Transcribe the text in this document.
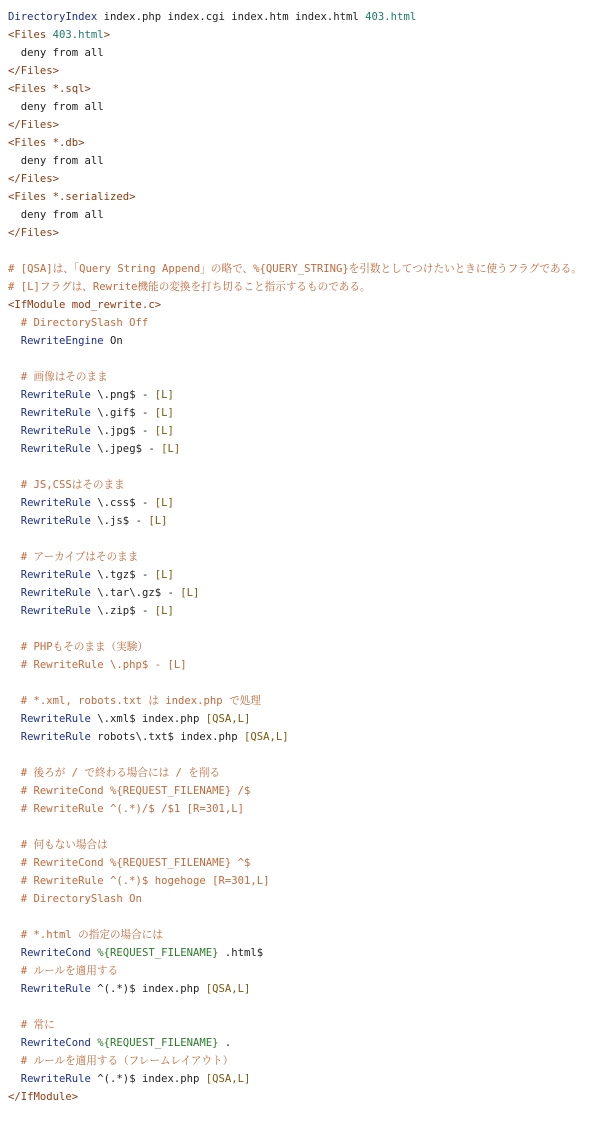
DirectoryIndex index.php index.cgi index.htm index.html 403.html
<Files 403.html>
deny from all
</Files>
<Files *.sql>
deny from all
</Files>
<Files *.db>
deny from all
</Files>
<Files *.serialized>
deny from all
</Files>
# [QSA]は、「Query String Append」の略で、%{QUERY_STRING}を引数としてつけたいときに使うフラグである。
# [L]フラグは、Rewrite機能の変換を打ち切ること指示するものである。
<IfModule mod_rewrite.c>
# DirectorySlash Off
RewriteEngine On
# 画像はそのまま
RewriteRule \.png$ - [L]
RewriteRule \.gif$ - [L]
RewriteRule \.jpg$ - [L]
RewriteRule \.jpeg$ - [L]
# JS,CSSはそのまま
RewriteRule \.css$ - [L]
RewriteRule \.js$ - [L]
# アーカイブはそのまま
RewriteRule \.tgz$ - [L]
RewriteRule \.tar\.gz$ - [L]
RewriteRule \.zip$ - [L]
# PHPもそのまま（実験）
# RewriteRule \.php$ - [L]
# *.xml, robots.txt は index.php で処理
RewriteRule \.xml$ index.php [QSA,L]
RewriteRule robots\.txt$ index.php [QSA,L]
# 後ろが / で終わる場合には / を削る
# RewriteCond %{REQUEST_FILENAME} /$
# RewriteRule ^(.*)/$ /$1 [R=301,L]
# 何もない場合は
# RewriteCond %{REQUEST_FILENAME} ^$
# RewriteRule ^(.*)$ hogehoge [R=301,L]
# DirectorySlash On
# *.html の指定の場合には
RewriteCond %{REQUEST_FILENAME} .html$
# ルールを適用する
RewriteRule ^(.*)$ index.php [QSA,L]
# 常に
RewriteCond %{REQUEST_FILENAME} .
# ルールを適用する（フレームレイアウト）
RewriteRule ^(.*)$ index.php [QSA,L]
</IfModule>
